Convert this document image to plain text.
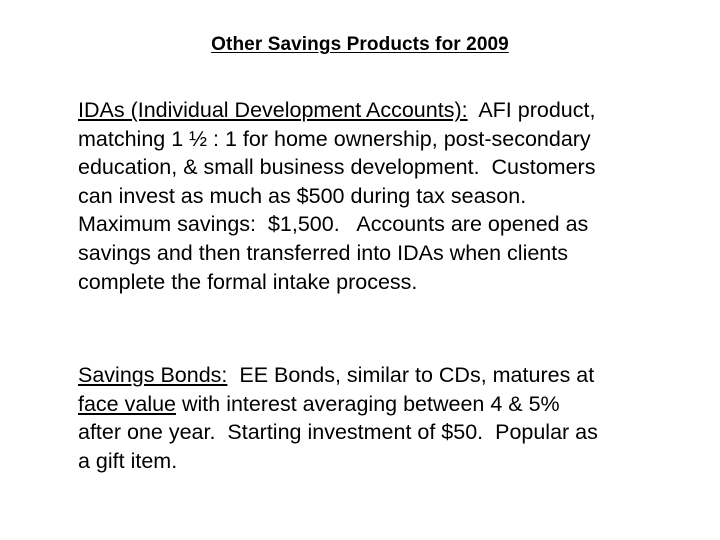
Other Savings Products for 2009
IDAs (Individual Development Accounts):  AFI product,
matching 1 ½ : 1 for home ownership, post-secondary
education, & small business development.  Customers
can invest as much as $500 during tax season.
Maximum savings:  $1,500.   Accounts are opened as
savings and then transferred into IDAs when clients
complete the formal intake process.
Savings Bonds:  EE Bonds, similar to CDs, matures at
face value with interest averaging between 4 & 5%
after one year.  Starting investment of $50.  Popular as
a gift item.
